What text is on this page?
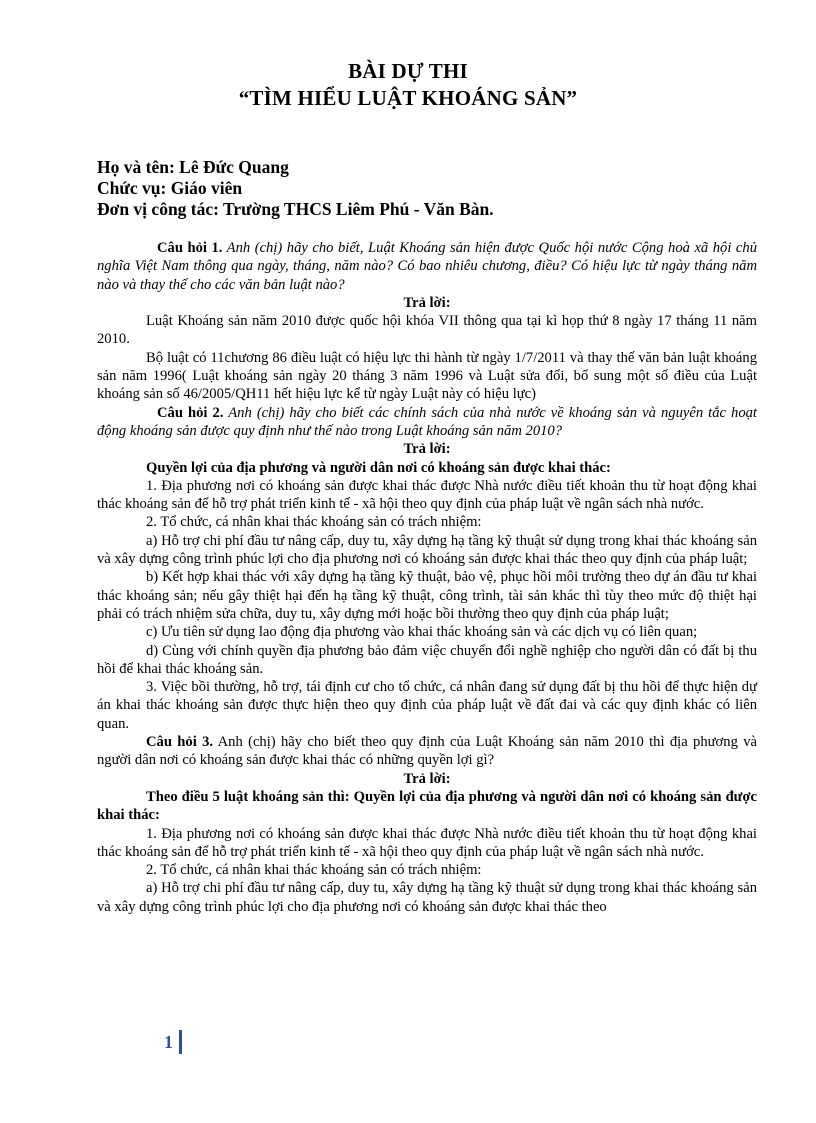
BÀI DỰ THI
“TÌM HIỂU LUẬT KHOÁNG SẢN”
Họ và tên: Lê Đức Quang
Chức vụ: Giáo viên
Đơn vị công tác: Trường THCS Liêm Phú - Văn Bàn.

Câu hỏi 1. Anh (chị) hãy cho biết, Luật Khoáng sản hiện được Quốc hội nước Cộng hoà xã hội chủ nghĩa Việt Nam thông qua ngày, tháng, năm nào? Có bao nhiêu chương, điều? Có hiệu lực từ ngày tháng năm nào và thay thế cho các văn bản luật nào?

Trả lời:

Luật Khoáng sản năm 2010 được quốc hội khóa VII thông qua tại kì họp thứ 8 ngày 17 tháng 11 năm 2010.

Bộ luật có 11chương 86 điều luật có hiệu lực thi hành từ ngày 1/7/2011 và thay thế văn bản luật khoáng sản năm 1996( Luật khoáng sản ngày 20 tháng 3 năm 1996 và Luật sửa đổi, bổ sung một số điều của Luật khoáng sản số 46/2005/QH11 hết hiệu lực kể từ ngày Luật này có hiệu lực)

Câu hỏi 2. Anh (chị) hãy cho biết các chính sách của nhà nước về khoáng sản và nguyên tắc hoạt động khoáng sản được quy định như thế nào trong Luật khoáng sản năm 2010?

Trả lời:

Quyền lợi của địa phương và người dân nơi có khoáng sản được khai thác:

1. Địa phương nơi có khoáng sản được khai thác được Nhà nước điều tiết khoản thu từ hoạt động khai thác khoáng sản để hỗ trợ phát triển kinh tế - xã hội theo quy định của pháp luật về ngân sách nhà nước.

2. Tổ chức, cá nhân khai thác khoáng sản có trách nhiệm:

a) Hỗ trợ chi phí đầu tư nâng cấp, duy tu, xây dựng hạ tầng kỹ thuật sử dụng trong khai thác khoáng sản và xây dựng công trình phúc lợi cho địa phương nơi có khoáng sản được khai thác theo quy định của pháp luật;

b) Kết hợp khai thác với xây dựng hạ tầng kỹ thuật, bảo vệ, phục hồi môi trường theo dự án đầu tư khai thác khoáng sản; nếu gây thiệt hại đến hạ tầng kỹ thuật, công trình, tài sản khác thì tùy theo mức độ thiệt hại phải có trách nhiệm sửa chữa, duy tu, xây dựng mới hoặc bồi thường theo quy định của pháp luật;

c) Ưu tiên sử dụng lao động địa phương vào khai thác khoáng sản và các dịch vụ có liên quan;

d) Cùng với chính quyền địa phương bảo đảm việc chuyển đổi nghề nghiệp cho người dân có đất bị thu hồi để khai thác khoáng sản.

3. Việc bồi thường, hỗ trợ, tái định cư cho tổ chức, cá nhân đang sử dụng đất bị thu hồi để thực hiện dự án khai thác khoáng sản được thực hiện theo quy định của pháp luật về đất đai và các quy định khác có liên quan.

Câu hỏi 3. Anh (chị) hãy cho biết theo quy định của Luật Khoáng sản năm 2010 thì địa phương và người dân nơi có khoáng sản được khai thác có những quyền lợi gì?

Trả lời:

Theo điều 5 luật khoáng sản thì: Quyền lợi của địa phương và người dân nơi có khoáng sản được khai thác:

1. Địa phương nơi có khoáng sản được khai thác được Nhà nước điều tiết khoản thu từ hoạt động khai thác khoáng sản để hỗ trợ phát triển kinh tế - xã hội theo quy định của pháp luật về ngân sách nhà nước.

2. Tổ chức, cá nhân khai thác khoáng sản có trách nhiệm:

a) Hỗ trợ chi phí đầu tư nâng cấp, duy tu, xây dựng hạ tầng kỹ thuật sử dụng trong khai thác khoáng sản và xây dựng công trình phúc lợi cho địa phương nơi có khoáng sản được khai thác theo

1
